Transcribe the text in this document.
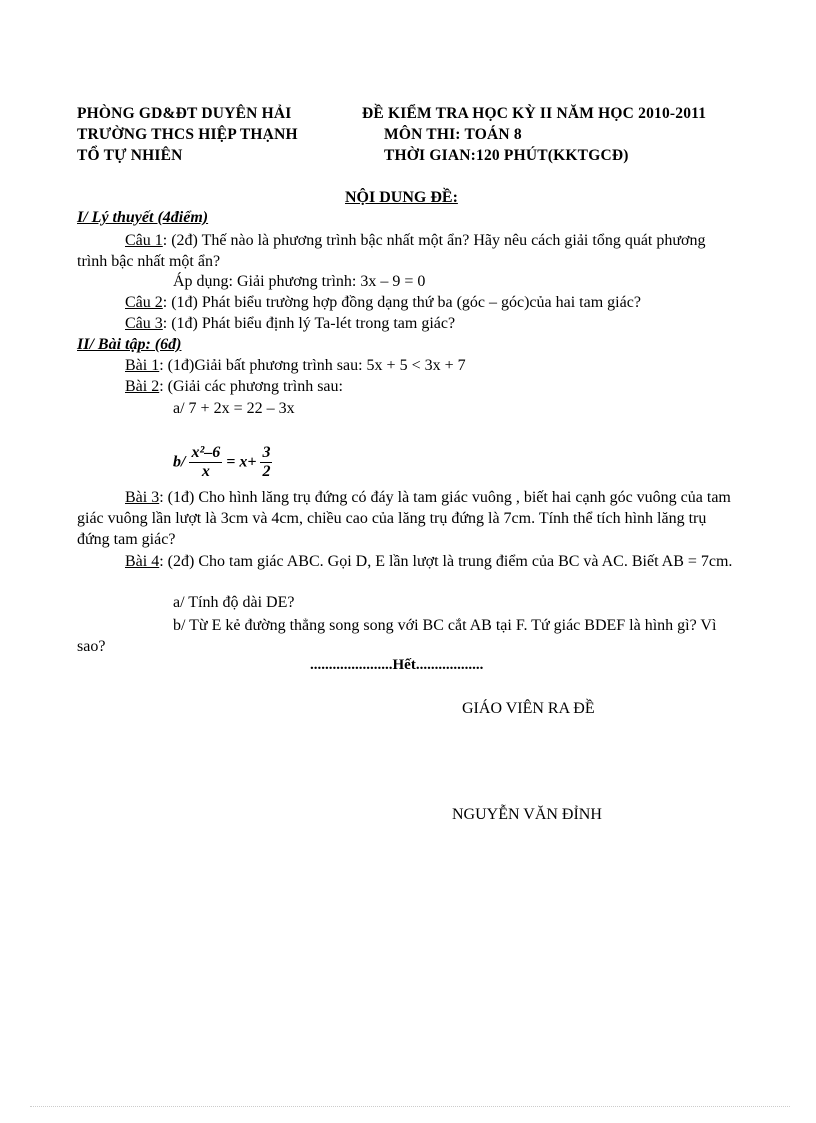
PHÒNG GD&ĐT DUYÊN HẢI
TRƯỜNG THCS HIỆP THẠNH
TỔ TỰ NHIÊN
ĐỀ KIỂM TRA HỌC KỲ II NĂM HỌC 2010-2011
MÔN THI: TOÁN 8
THỜI GIAN:120 PHÚT(KKTGCĐ)
NỘI DUNG ĐỀ:
I/ Lý thuyết (4điểm)
Câu 1: (2đ) Thế nào là phương trình bậc nhất một ẩn? Hãy nêu cách giải tổng quát phương trình bậc nhất một ẩn?
Áp dụng: Giải phương trình: 3x – 9 = 0
Câu 2: (1đ) Phát biểu trường hợp đồng dạng thứ ba (góc – góc)của hai tam giác?
Câu 3: (1đ) Phát biểu định lý Ta-lét trong tam giác?
II/ Bài tập: (6đ)
Bài 1: (1đ)Giải bất phương trình sau: 5x + 5 < 3x + 7
Bài 2: (Giải các phương trình sau:
a/ 7 + 2x = 22 – 3x
$b/ \frac{\text{x²–6}}{x} = x+ \frac{3}{2}$
Bài 3: (1đ) Cho hình lăng trụ đứng có đáy là tam giác vuông , biết hai cạnh góc vuông của tam giác vuông lần lượt là 3cm và 4cm, chiều cao của lăng trụ đứng là 7cm. Tính thể tích hình lăng trụ đứng tam giác?
Bài 4: (2đ) Cho tam giác ABC. Gọi D, E lần lượt là trung điểm của BC và AC. Biết AB = 7cm.
a/ Tính độ dài DE?
b/ Từ E kẻ đường thẳng song song với BC cắt AB tại F. Tứ giác BDEF là hình gì? Vì sao?
......................Hết..................
GIÁO VIÊN RA ĐỀ
NGUYỄN VĂN ĐỈNH
